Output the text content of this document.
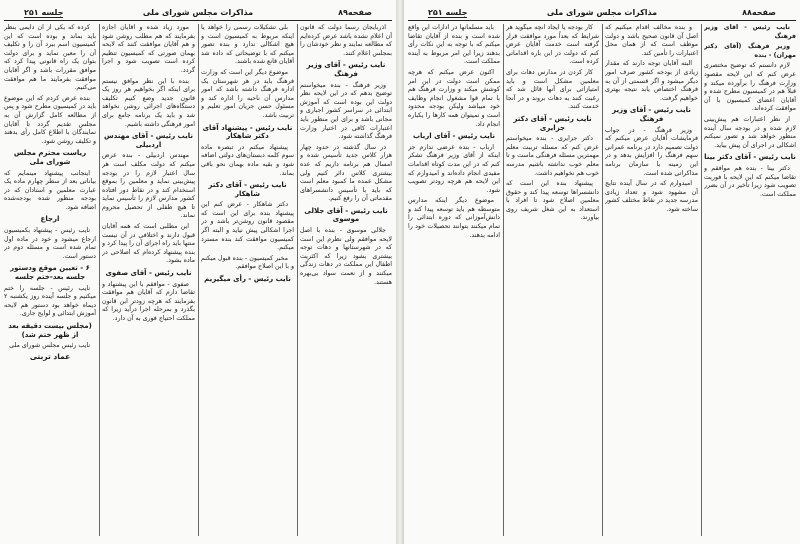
جلسه ۲۵۱	مذاکرات مجلس شورای ملی	صفحه۸۹

کرده که یکی از آن دایمی بنظر باید بماند و بوده است که این کمیسیون اسم ببرد آن را و تکلیف آن را معین نماید و برای دولت بتوان یک راه قانونی پیدا کرد که موافق مقررات باشد و اگر آقایان موافقت بفرمایند ما هم موافقت می‌کنیم.

بنده عرض کردم که این موضوع باید در کمیسیون مطرح شود و پس از مطالعه کامل گزارش آن به مجلس تقدیم گردد تا آقایان نمایندگان با اطلاع کامل رأی بدهند و تکلیف روشن شود.

ریاست محترم مجلس شورای ملی

اینجانب پیشنهاد مینمایم که بیاناتی بعد از سطر چهارم ماده یک عبارت معلمین و استادان که در بودجه منظور شده بودجه‌شده اضافه شود.

ارجاع

نایب رئیس - پیشنهاد بکمیسیون ارجاع میشود و خود در ماده اول تمام شده است و مسئله دوم در دستور است.

۶ - تعیین موقع ودستور جلسه بعد-ختم جلسه

نایب رئیس - جلسه را ختم میکنیم و جلسه آینده روز یکشنبه ۲ دیماه خواهد بود دستور هم لایحه آموزش ابتدائی و لوایح جاری.

(مجلس بیست دقیقه بعد از ظهر ختم شد)

نایب رئیس مجلس شورای ملی

عماد تربتی

مورد زیاد شده و آقایان اجازه بفرمایند که هم مطلب روشن شود و هم آقایان موافقت کنند که لایحه بهمان صورتی که کمیسیون تنظیم کرده است تصویب شود و اجرا گردد.

بنده با این نظر موافق نیستم برای اینکه اگر بخواهیم هر روز یک قانون جدید وضع کنیم تکلیف دستگاه‌های اجرائی روشن نخواهد شد و باید یک برنامه جامع برای امور فرهنگی داشته باشیم.

نایب رئیس - آقای مهندس اردبیلی

مهندس اردبیلی - بنده عرض میکنم که دولت مکلف است هر سال اعتبار لازم را در بودجه پیش‌بینی نماید و معلمین را بموقع استخدام کند و در نقاط دور افتاده کشور مدارس لازم را تأسیس نماید تا هیچ طفلی از تحصیل محروم نماند.

این مطلبی است که همه آقایان قبول دارند و اختلافی در آن نیست منتها باید راه اجرای آن را پیدا کرد و بنده پیشنهاد کرده‌ام که اصلاحی در ماده بشود.

نایب رئیس - آقای صفوی

صفوی - موافقم با این پیشنهاد و تقاضا دارم که آقایان هم موافقت بفرمایند که هرچه زودتر این قانون بگذرد و بمرحله اجرا درآید زیرا که مملکت احتیاج فوری به آن دارد.

بلی تشکیلات رسمی را خواهد یا اینکه مربوط به کمیسیون است و هیچ اشکالی ندارد و بنده تصور میکنم که با توضیحاتی که داده شد آقایان قانع شده باشند.

موضوع دیگر این است که وزارت فرهنگ باید در هر شهرستان یک اداره فرهنگ داشته باشد که امور مدارس آن ناحیه را اداره کند و مسئول حسن جریان امور تعلیم و تربیت باشد.

نایب رئیس - پیشنهاد آقای دکتر شاهکار

پیشنهاد میکنم در تبصره ماده سوم کلمه دبستان‌های دولتی اضافه شود و بقیه ماده بهمان نحو باقی بماند.

نایب رئیس - آقای دکتر شاهکار

دکتر شاهکار - عرض کنم این پیشنهاد بنده برای این است که مقصود قانون روشن‌تر باشد و در اجرا اشکالی پیش نیاید و البته اگر کمیسیون موافقت کند بنده مسترد میکنم.

مخبر کمیسیون - بنده قبول میکنم و با این اصلاح موافقم.

نایب رئیس - رأی میگیریم

آذربایجان رسماً دولت که قانون آن اعلام نشده باشد عرض کرده‌ایم که مطالعه نمایند و نظر خودشان را بمجلس اعلام کنند.

نایب رئیس - آقای وزیر فرهنگ

وزیر فرهنگ - بنده میخواستم توضیح بدهم که در این لایحه نظر دولت این بوده است که آموزش ابتدائی در سراسر کشور اجباری و مجانی باشد و برای این منظور باید اعتبارات کافی در اختیار وزارت فرهنگ گذاشته شود.

در سال گذشته در حدود چهار هزار کلاس جدید تأسیس شده و امسال هم برنامه داریم که عده بیشتری کلاس دائر کنیم ولی مشکل عمده ما کمبود معلم است که باید با تأسیس دانشسراهای مقدماتی آن را رفع کنیم.

نایب رئیس - آقای جلالی موسوی

جلالی موسوی - بنده با اصل لایحه موافقم ولی نظرم این است که در شهرستانها و دهات توجه بیشتری بشود زیرا که اکثریت اطفال این مملکت در دهات زندگی میکنند و از نعمت سواد بی‌بهره هستند.

جلسه ۲۵۱	مذاکرات مجلس شورای ملی	صفحه۸۸

باید مسلمانها در ادارات این واقع شده است و بنده از آقایان تقاضا میکنم که با توجه به این نکات رأی بدهند زیرا این امر مربوط به آینده مملکت است.

اکنون عرض میکنم که هرچه ممکن است دولت در این امر کوشش میکند و وزارت فرهنگ هم با تمام قوا مشغول انجام وظایف خود میباشد ولیکن بودجه محدود است و نمیتوان همه کارها را یکباره انجام داد.

نایب رئیس - آقای ارباب

ارباب - بنده عرضی ندارم جز اینکه از آقای وزیر فرهنگ تشکر کنم که در این مدت کوتاه اقدامات مفیدی انجام داده‌اند و امیدوارم که این لایحه هم هرچه زودتر تصویب شود.

موضوع دیگر اینکه مدارس متوسطه هم باید توسعه پیدا کند و دانش‌آموزانی که دوره ابتدائی را تمام میکنند بتوانند تحصیلات خود را ادامه بدهند.

کار بودجه یا ایجاد آنچه میگوید هر شرایط که بعداً مورد موافقت قرار گرفته است خدمت آقایان عرض کنم که دولت در این باره اقداماتی کرده است.

کار کردن در مدارس دهات برای معلمین مشکل است و باید امتیازاتی برای آنها قائل شد که رغبت کنند به دهات بروند و در آنجا خدمت کنند.

نایب رئیس - آقای دکتر جزایری

دکتر جزایری - بنده میخواستم عرض کنم که مسئله تربیت معلم مهمترین مسئله فرهنگی ماست و تا معلم خوب نداشته باشیم مدرسه خوب هم نخواهیم داشت.

پیشنهاد بنده این است که دانشسراها توسعه پیدا کند و حقوق معلمین اصلاح شود تا افراد با استعداد به این شغل شریف روی بیاورند.

و بنده مخالف اقدام میکنیم که اصل آن قانون صحیح باشد و دولت موظف است که از همان محل اعتبارات را تأمین کند.

البته آقایان توجه دارند که مقدار زیادی از بودجه کشور صرف امور دیگر میشود و اگر قسمتی از آن به فرهنگ اختصاص یابد نتیجه بهتری خواهیم گرفت.

نایب رئیس - آقای وزیر فرهنگ

وزیر فرهنگ - در جواب فرمایشات آقایان عرض میکنم که دولت تصمیم دارد در برنامه عمرانی سهم فرهنگ را افزایش بدهد و در این زمینه با سازمان برنامه مذاکراتی شده است.

امیدوارم که در سال آینده نتایج آن مشهود شود و تعداد زیادی مدرسه جدید در نقاط مختلف کشور ساخته شود.

نایب رئیس - آقای وزیر فرهنگ

وزیر فرهنگ (آقای دکتر مهران) - بنده

لازم دانستم که توضیح مختصری عرض کنم که این لایحه مقصود وزارت فرهنگ را برآورده میکند و قبلاً هم در کمیسیون مطرح شده و آقایان اعضای کمیسیون با آن موافقت کرده‌اند.

از نظر اعتبارات هم پیش‌بینی لازم شده و در بودجه سال آینده منظور خواهد شد و تصور نمیکنم اشکالی در اجرای آن پیش بیاید.

نایب رئیس - آقای دکتر بینا

دکتر بینا - بنده هم موافقم و تقاضا میکنم که این لایحه با فوریت تصویب شود زیرا تأخیر در آن بضرر مملکت است.
